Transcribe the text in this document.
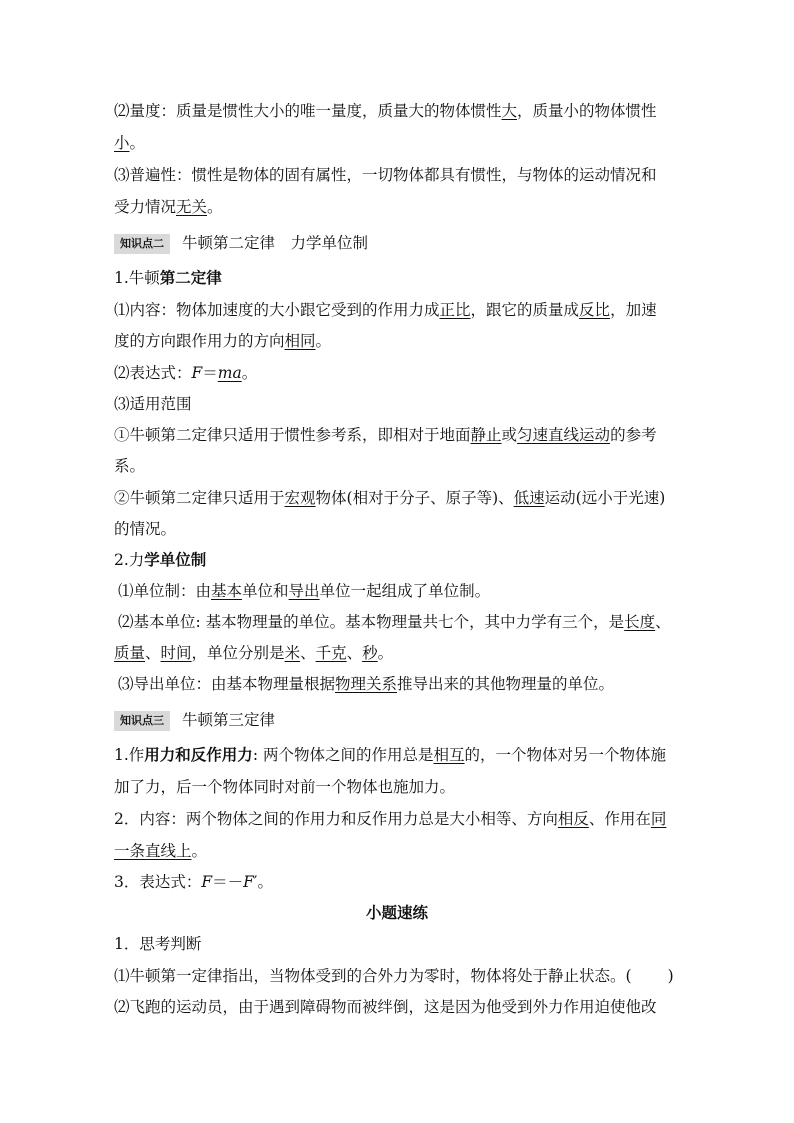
⑵量度：质量是惯性大小的唯一量度，质量大的物体惯性大，质量小的物体惯性
小。
⑶普遍性：惯性是物体的固有属性，一切物体都具有惯性，与物体的运动情况和
受力情况无关。
知识点二 牛顿第二定律　力学单位制
1.牛顿第二定律
⑴内容：物体加速度的大小跟它受到的作用力成正比，跟它的质量成反比，加速
度的方向跟作用力的方向相同。
⑵表达式：F＝ma。
⑶适用范围
①牛顿第二定律只适用于惯性参考系，即相对于地面静止或匀速直线运动的参考
系。
②牛顿第二定律只适用于宏观物体(相对于分子、原子等)、低速运动(远小于光速)
的情况。
2.力学单位制
⑴单位制：由基本单位和导出单位一起组成了单位制。
⑵基本单位: 基本物理量的单位。基本物理量共七个，其中力学有三个，是长度、
质量、时间，单位分别是米、千克、秒。
⑶导出单位：由基本物理量根据物理关系推导出来的其他物理量的单位。
知识点三 牛顿第三定律
1.作用力和反作用力: 两个物体之间的作用总是相互的，一个物体对另一个物体施
加了力，后一个物体同时对前一个物体也施加力。
2．内容：两个物体之间的作用力和反作用力总是大小相等、方向相反、作用在同
一条直线上。
3．表达式：F＝－F′。
小题速练
1．思考判断
⑴牛顿第一定律指出，当物体受到的合外力为零时，物体将处于静止状态。( )
⑵飞跑的运动员，由于遇到障碍物而被绊倒，这是因为他受到外力作用迫使他改
